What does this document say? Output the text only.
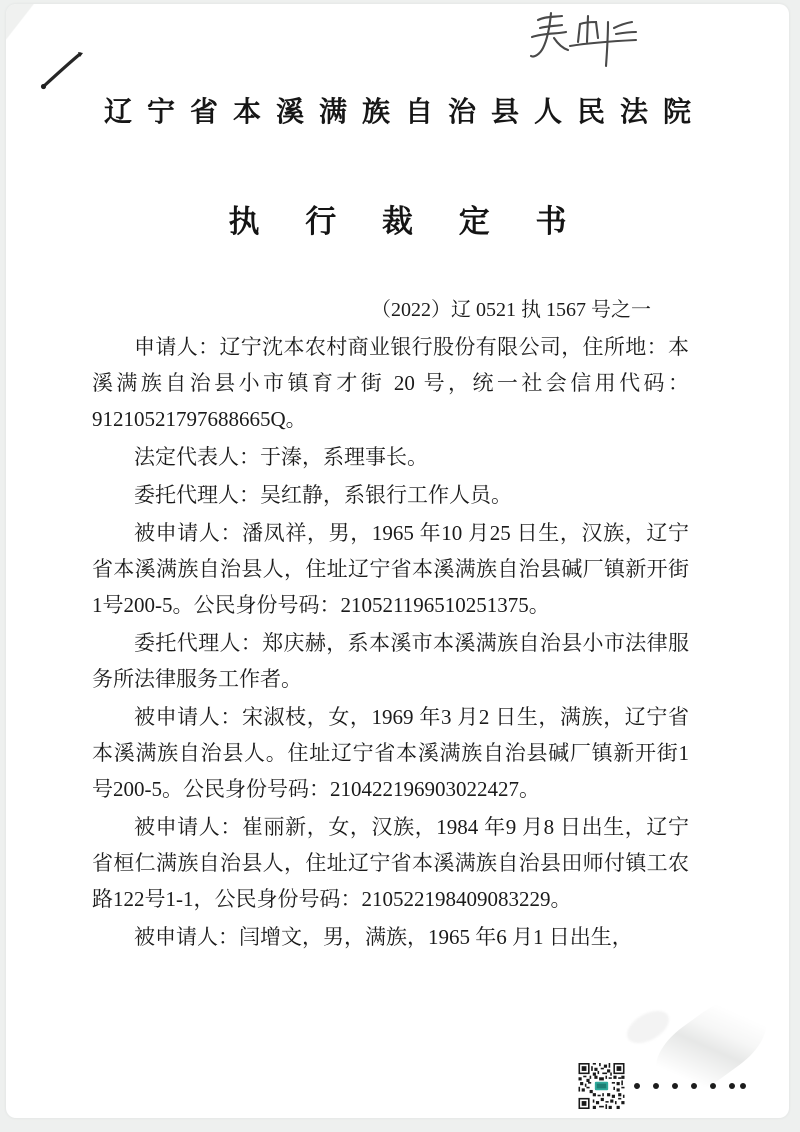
辽宁省本溪满族自治县人民法院
执 行 裁 定 书
（2022）辽 0521 执 1567 号之一

申请人：辽宁沈本农村商业银行股份有限公司，住所地：本溪满族自治县小市镇育才街 20 号，统一社会信用代码：91210521797688665Q。

法定代表人：于溱，系理事长。

委托代理人：吴红静，系银行工作人员。

被申请人：潘凤祥，男，1965 年10 月25 日生，汉族，辽宁省本溪满族自治县人，住址辽宁省本溪满族自治县碱厂镇新开街1号200-5。公民身份号码：210521196510251375。

委托代理人：郑庆赫，系本溪市本溪满族自治县小市法律服务所法律服务工作者。

被申请人：宋淑枝，女，1969 年3 月2 日生，满族，辽宁省本溪满族自治县人。住址辽宁省本溪满族自治县碱厂镇新开街1号200-5。公民身份号码：210422196903022427。

被申请人：崔丽新，女，汉族，1984 年9 月8 日出生，辽宁省桓仁满族自治县人，住址辽宁省本溪满族自治县田师付镇工农路122号1-1，公民身份号码：210522198409083229。

被申请人：闫增文，男，满族，1965 年6 月1 日出生，
